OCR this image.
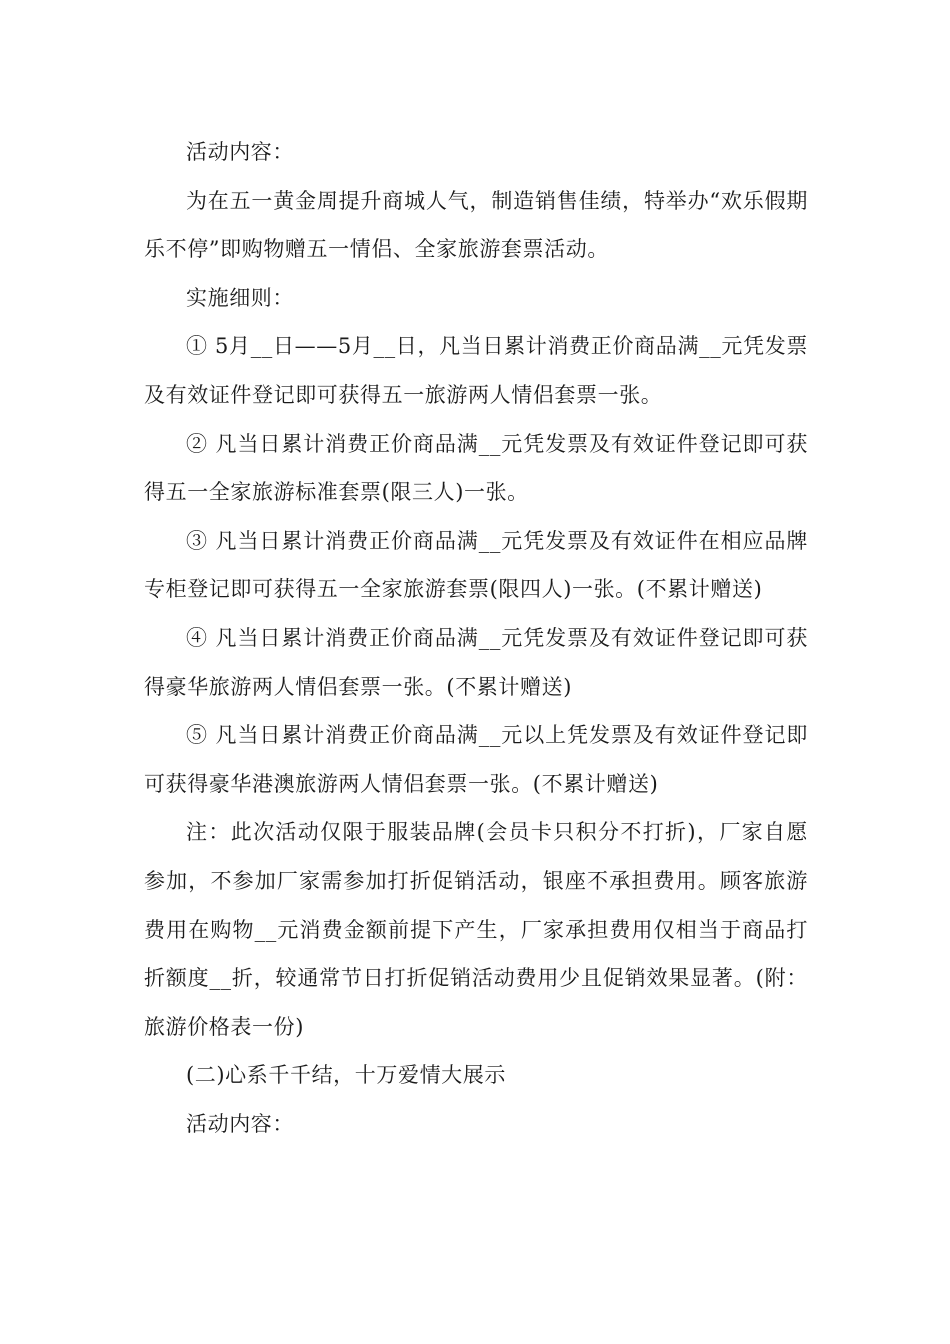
活动内容：

为在五一黄金周提升商城人气，制造销售佳绩，特举办“欢乐假期乐不停”即购物赠五一情侣、全家旅游套票活动。

实施细则：

① 5月__日——5月__日，凡当日累计消费正价商品满__元凭发票及有效证件登记即可获得五一旅游两人情侣套票一张。

② 凡当日累计消费正价商品满__元凭发票及有效证件登记即可获得五一全家旅游标准套票(限三人)一张。

③ 凡当日累计消费正价商品满__元凭发票及有效证件在相应品牌专柜登记即可获得五一全家旅游套票(限四人)一张。(不累计赠送)

④ 凡当日累计消费正价商品满__元凭发票及有效证件登记即可获得豪华旅游两人情侣套票一张。(不累计赠送)

⑤ 凡当日累计消费正价商品满__元以上凭发票及有效证件登记即可获得豪华港澳旅游两人情侣套票一张。(不累计赠送)

注：此次活动仅限于服装品牌(会员卡只积分不打折)，厂家自愿参加，不参加厂家需参加打折促销活动，银座不承担费用。顾客旅游费用在购物__元消费金额前提下产生，厂家承担费用仅相当于商品打折额度__折，较通常节日打折促销活动费用少且促销效果显著。(附：旅游价格表一份)

(二)心系千千结，十万爱情大展示

活动内容：
